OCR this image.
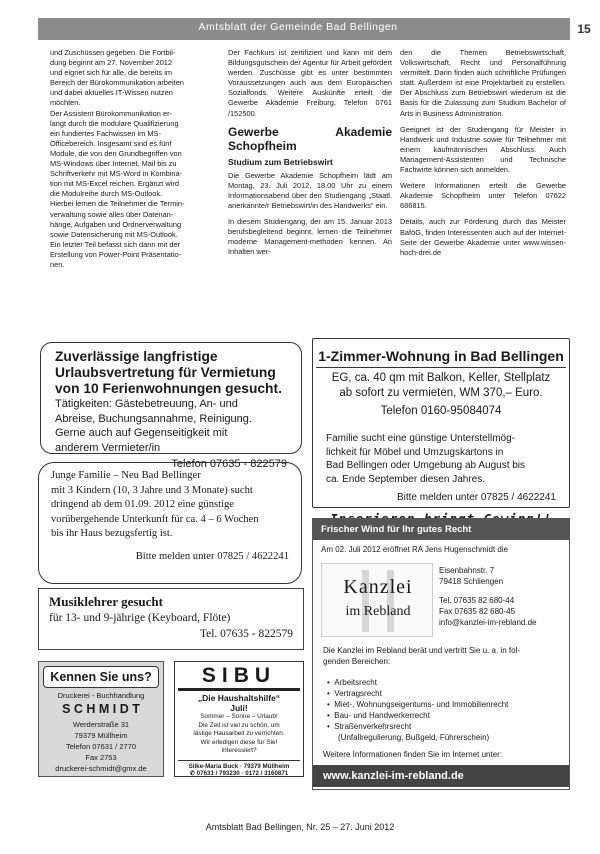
Amtsblatt der Gemeinde Bad Bellingen	15
und Zuschüssen gegeben. Die Fortbil-
dung beginnt am 27. November 2012
und eignet sich für alle, die bereits im
Bereich der Bürokommunikation arbeiten
und dabei aktuelles IT-Wissen nutzen
möchten.
Der Assistent Bürokommunikation er-
langt durch die modulare Qualifizierung
ein fundiertes Fachwissen im MS-
Officebereich. Insgesamt sind es fünf
Module, die von den Grundbegriffen von
MS-Windows über Internet, Mail bis zu
Schriftverkehr mit MS-Word in Kombina-
tion mit MS-Excel reichen. Ergänzt wird
die Modulreihe durch MS-Outlook.
Hierbei lernen die Teilnehmer die Termin-
verwaltung sowie alles über Datenan-
hänge, Aufgaben und Ordnerverwaltung
sowie Datensicherung mit MS-Outlook.
Ein letzter Teil befasst sich dann mit der
Erstellung von Power-Point Präsentatio-
nen.

Der Fachkurs ist zertifiziert und kann mit dem Bildungsgutschein der Agentur für Arbeit gefördert werden. Zuschüsse gibt es unter bestimmten Voraussetzungen auch aus dem Europäischen Sozialfonds. Weitere Auskünfte erteilt die Gewerbe Akademie Freiburg, Telefon 0761 /152500.

Gewerbe Akademie Schopfheim
Studium zum Betriebswirt

Die Gewerbe Akademie Schopfheim lädt am Montag, 23. Juli 2012, 18.00 Uhr zu einem Informationsabend über den Studiengang „Staatl. anerkannte/r Betriebswirt/in des Handwerks“ ein.

In diesem Studiengang, der am 15. Januar 2013 berufsbegleitend beginnt, lernen die Teilnehmer moderne Management-methoden kennen. An Inhalten wer-

den die Themen Betriebswirtschaft, Volkswirtschaft, Recht und Personalführung vermittelt. Darin finden auch schriftliche Prüfungen statt. Außerdem ist eine Projektarbeit zu erstellen. Der Abschluss zum Betriebswirt wiederum ist die Basis für die Zulassung zum Studium Bachelor of Arts in Business Administration.

Geeignet ist der Studiengang für Meister in Handwerk und Industrie sowie für Teilnehmer mit einem kaufmännischen Abschluss. Auch Management-Assistenten und Technische Fachwirte können sich anmelden.

Weitere Informationen erteilt die Gewerbe Akademie Schopfheim unter Telefon 07622 686815.

Details, auch zur Förderung durch das Meister BaföG, finden Interessenten auch auf der Internet-Seite der Gewerbe Akademie unter www.wissen-hoch-drei.de

Zuverlässige langfristige
Urlaubsvertretung für Vermietung
von 10 Ferienwohnungen gesucht.
Tätigkeiten: Gästebetreuung, An- und
Abreise, Buchungsannahme, Reinigung.
Gerne auch auf Gegenseitigkeit mit
anderem Vermieter/in
Telefon 07635 - 822579
1-Zimmer-Wohnung in Bad Bellingen
EG, ca. 40 qm mit Balkon, Keller, Stellplatz
ab sofort zu vermieten, WM 370,– Euro.
Telefon 0160-95084074
Familie sucht eine günstige Unterstellmög-
lichkeit für Möbel und Umzugskartons in
Bad Bellingen oder Umgebung ab August bis
ca. Ende September diesen Jahres.
Bitte melden unter 07825 / 4622241
Junge Familie – Neu Bad Bellinger
mit 3 Kindern (10, 3 Jahre und 3 Monate) sucht
dringend ab dem 01.09. 2012 eine günstige
vorübergehende Unterkunft für ca. 4 – 6 Wochen
bis ihr Haus bezugsfertig ist.
Bitte melden unter 07825 / 4622241
Musiklehrer gesucht
für 13- und 9-jährige (Keyboard, Flöte)
Tel. 07635 - 822579
Kennen Sie uns?
Druckerei - Buchhandlung
S C H M I D T
Werderstraße 31
79379 Müllheim
Telefon 07631 / 2770
Fax 2753
druckerei-schmidt@gmx.de
SIBU
„Die Haushaltshilfe“
Juli!
Sommer – Sonne – Urlaub!
Die Zeit ist viel zu schön, um
lästige Hausarbeit zu verrichten.
Wir erledigen diese für Sie!
Interessiert?
Silke-Maria Buck · 79379 Müllheim
✆ 07631 / 793230 · 0172 / 3160871
Frischer Wind für Ihr gutes Recht
Am 02. Juli 2012 eröffnet RA Jens Hugenschmidt die
Kanzlei
im Rebland
Eisenbahnstr. 7
79418 Schliengen
Tel. 07635 82 680-44
Fax 07635 82 680-45
info@kanzlei-im-rebland.de
Die Kanzlei im Rebland berät und vertritt Sie u. a. in fol-
genden Bereichen:
•  Arbeitsrecht
•  Vertragsrecht
•  Miet-, Wohnungseigentums- und Immobilienrecht
•  Bau- und Handwerkerrecht
•  Straßenverkehrsrecht
(Unfallregulierung, Bußgeld, Führerschein)
Weitere Informationen finden Sie im Internet unter:
www.kanzlei-im-rebland.de
Amtsblatt Bad Bellingen, Nr. 25 – 27. Juni 2012
